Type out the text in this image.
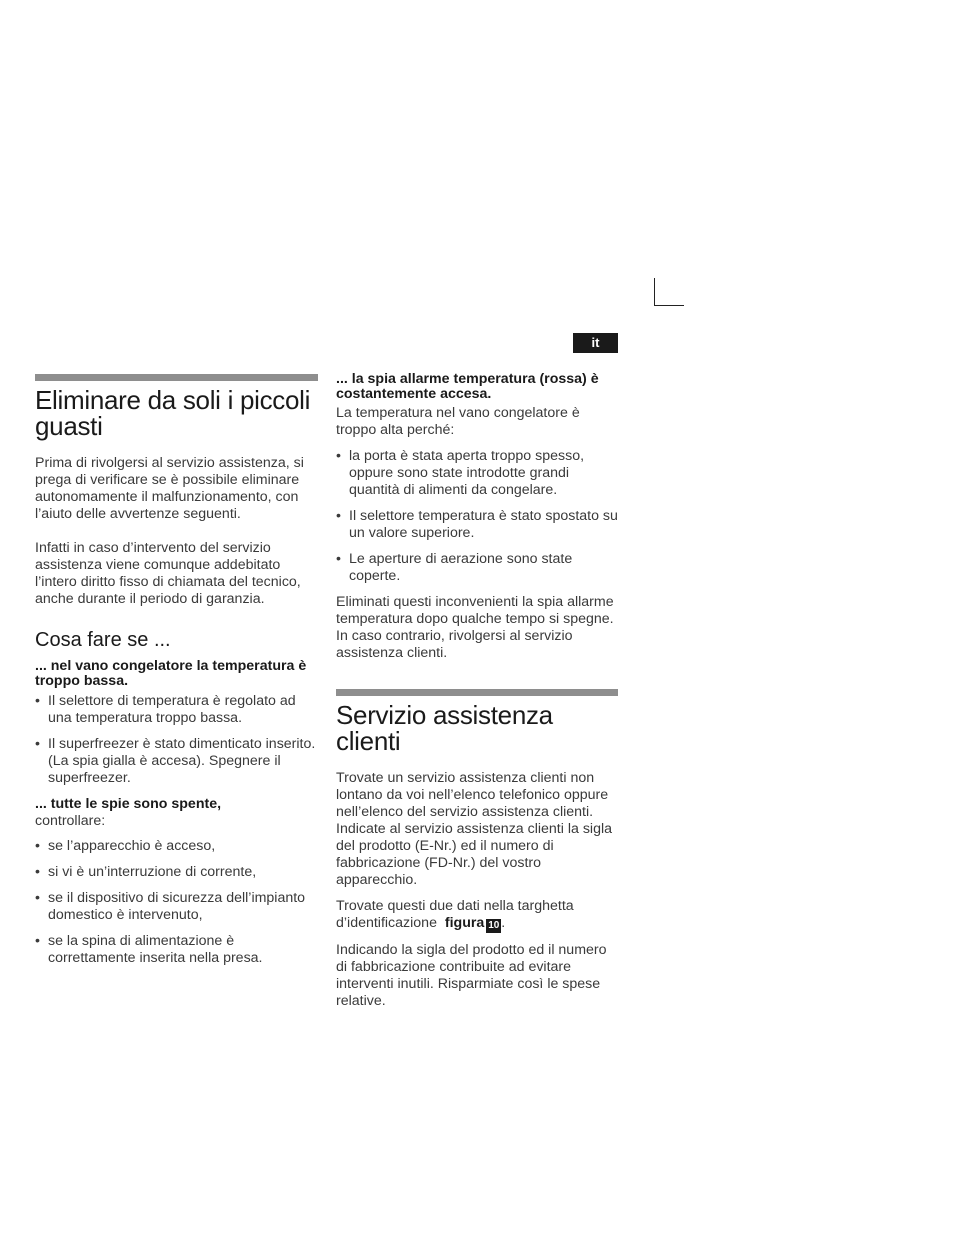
it
Eliminare da soli i piccoli guasti

Prima di rivolgersi al servizio assistenza, si prega di verificare se è possibile eliminare autonomamente il malfunzionamento, con l’aiuto delle avvertenze seguenti.

Infatti in caso d’intervento del servizio assistenza viene comunque addebitato l’intero diritto fisso di chiamata del tecnico, anche durante il periodo di garanzia.

Cosa fare se ...
... nel vano congelatore la temperatura è troppo bassa.
• Il selettore di temperatura è regolato ad una temperatura troppo bassa.
• Il superfreezer è stato dimenticato inserito. (La spia gialla è accesa). Spegnere il superfreezer.
... tutte le spie sono spente,

controllare:

• se l’apparecchio è acceso,
• si vi è un’interruzione di corrente,
• se il dispositivo di sicurezza dell’impianto domestico è intervenuto,
• se la spina di alimentazione è correttamente inserita nella presa.
... la spia allarme temperatura (rossa) è costantemente accesa.

La temperatura nel vano congelatore è troppo alta perché:

• la porta è stata aperta troppo spesso, oppure sono state introdotte grandi quantità di alimenti da congelare.
• Il selettore temperatura è stato spostato su un valore superiore.
• Le aperture di aerazione sono state coperte.

Eliminati questi inconvenienti la spia allarme temperatura dopo qualche tempo si spegne. In caso contrario, rivolgersi al servizio assistenza clienti.

Servizio assistenza clienti

Trovate un servizio assistenza clienti non lontano da voi nell’elenco telefonico oppure nell’elenco del servizio assistenza clienti. Indicate al servizio assistenza clienti la sigla del prodotto (E-Nr.) ed il numero di fabbricazione (FD-Nr.) del vostro apparecchio.

Trovate questi due dati nella targhetta d’identificazione figura 10 .

Indicando la sigla del prodotto ed il numero di fabbricazione contribuite ad evitare interventi inutili. Risparmiate così le spese relative.
